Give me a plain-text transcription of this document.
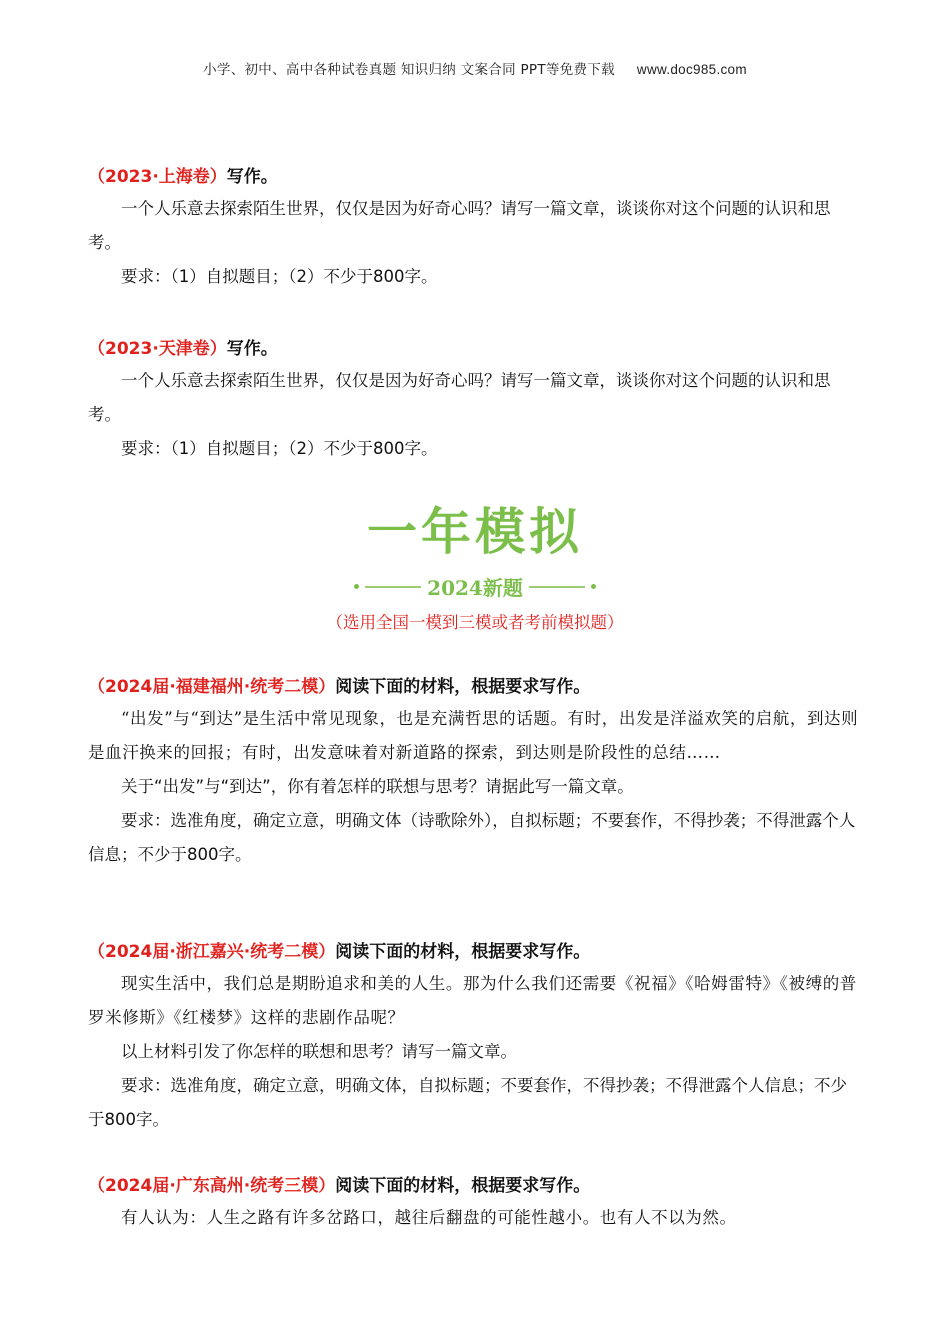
小学、初中、高中各种试卷真题 知识归纳 文案合同 PPT等免费下载 www.doc985.com
（2023·上海卷）写作。

一个人乐意去探索陌生世界，仅仅是因为好奇心吗？请写一篇文章，谈谈你对这个问题的认识和思考。

要求：（1）自拟题目；（2）不少于800字。

（2023·天津卷）写作。

一个人乐意去探索陌生世界，仅仅是因为好奇心吗？请写一篇文章，谈谈你对这个问题的认识和思考。

要求：（1）自拟题目；（2）不少于800字。

一年模拟
2024新题
（选用全国一模到三模或者考前模拟题）
（2024届·福建福州·统考二模）阅读下面的材料，根据要求写作。

“出发”与“到达”是生活中常见现象，也是充满哲思的话题。有时，出发是洋溢欢笑的启航，到达则是血汗换来的回报；有时，出发意味着对新道路的探索，到达则是阶段性的总结……

关于“出发”与“到达”，你有着怎样的联想与思考？请据此写一篇文章。

要求：选准角度，确定立意，明确文体（诗歌除外），自拟标题；不要套作，不得抄袭；不得泄露个人信息；不少于800字。

（2024届·浙江嘉兴·统考二模）阅读下面的材料，根据要求写作。

现实生活中，我们总是期盼追求和美的人生。那为什么我们还需要《祝福》《哈姆雷特》《被缚的普罗米修斯》《红楼梦》这样的悲剧作品呢？

以上材料引发了你怎样的联想和思考？请写一篇文章。

要求：选准角度，确定立意，明确文体，自拟标题；不要套作，不得抄袭；不得泄露个人信息；不少于800字。

（2024届·广东高州·统考三模）阅读下面的材料，根据要求写作。

有人认为：人生之路有许多岔路口，越往后翻盘的可能性越小。也有人不以为然。
